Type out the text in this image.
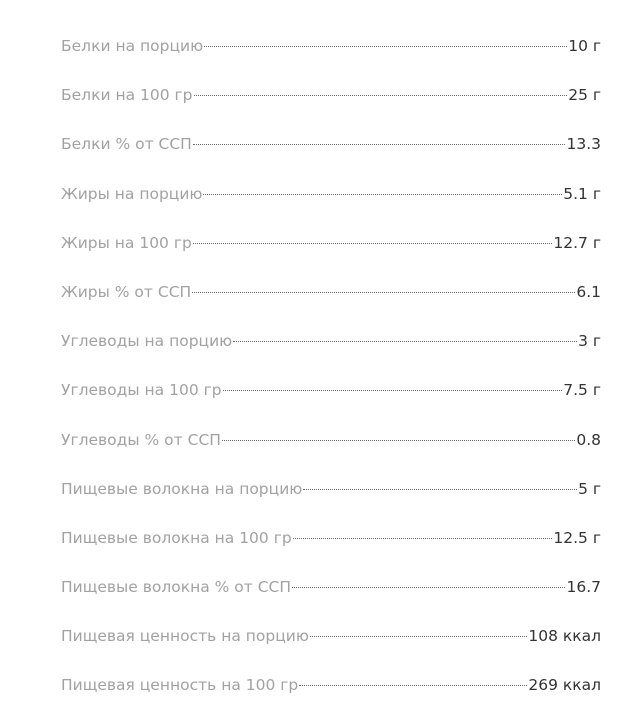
Белки на порцию	10 г
Белки на 100 гр	25 г
Белки % от ССП	13.3
Жиры на порцию	5.1 г
Жиры на 100 гр	12.7 г
Жиры % от ССП	6.1
Углеводы на порцию	3 г
Углеводы на 100 гр	7.5 г
Углеводы % от ССП	0.8
Пищевые волокна на порцию	5 г
Пищевые волокна на 100 гр	12.5 г
Пищевые волокна % от ССП	16.7
Пищевая ценность на порцию	108 ккал
Пищевая ценность на 100 гр	269 ккал
